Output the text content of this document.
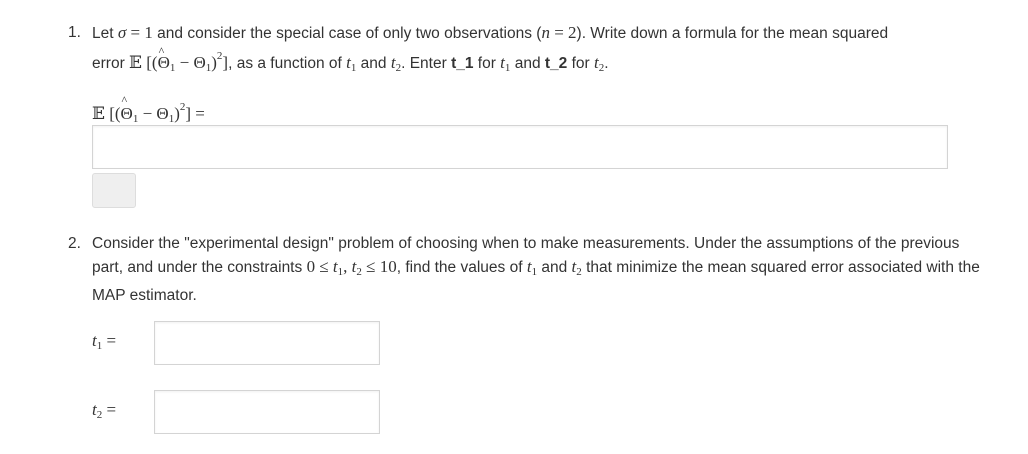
1. Let σ = 1 and consider the special case of only two observations (n = 2). Write down a formula for the mean squared
error 𝔼 [(^ $\Theta_1 - \Theta_1)^2$], as a function of $t_1$ and $t_2$. Enter t_1 for $t_1$ and t_2 for $t_2$.
𝔼 [(^ $\Theta_1 - \Theta_1)^2$] =
2. Consider the "experimental design" problem of choosing when to make measurements. Under the assumptions of the previous part, and under the constraints $0 \le t_1$, $t_2 \le 10$, find the values of $t_1$ and $t_2$ that minimize the mean squared error associated with the MAP estimator.
$t_1$ =
$t_2$ =
